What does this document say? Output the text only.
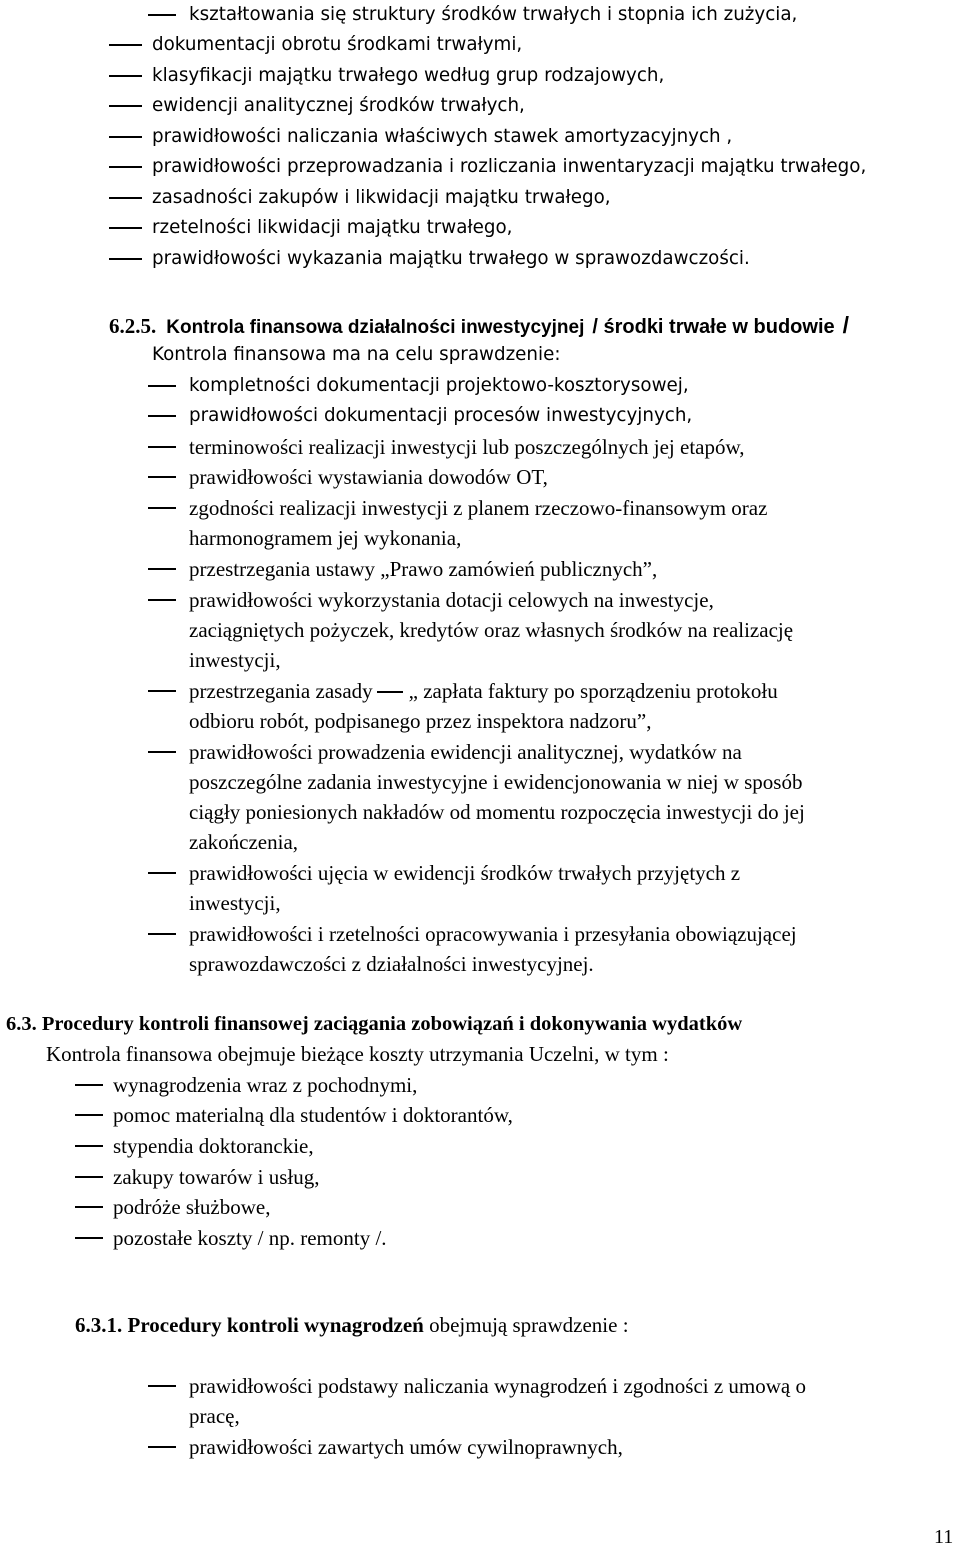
kształtowania się struktury środków trwałych i stopnia ich zużycia,
dokumentacji obrotu środkami trwałymi,
klasyfikacji majątku trwałego według grup rodzajowych,
ewidencji analitycznej środków trwałych,
prawidłowości naliczania właściwych stawek amortyzacyjnych ,
prawidłowości przeprowadzania i rozliczania inwentaryzacji majątku trwałego,
zasadności zakupów i likwidacji majątku trwałego,
rzetelności likwidacji majątku trwałego,
prawidłowości wykazania majątku trwałego w sprawozdawczości.
6.2.5. Kontrola finansowa działalności inwestycyjnej / środki trwałe w budowie /
Kontrola finansowa ma na celu sprawdzenie:
kompletności dokumentacji projektowo-kosztorysowej,
prawidłowości dokumentacji procesów inwestycyjnych,
terminowości realizacji inwestycji lub poszczególnych jej etapów,
prawidłowości wystawiania dowodów OT,
zgodności realizacji inwestycji z planem rzeczowo-finansowym oraz
harmonogramem jej wykonania,
przestrzegania ustawy „Prawo zamówień publicznych”,
prawidłowości wykorzystania dotacji celowych na inwestycje,
zaciągniętych pożyczek, kredytów oraz własnych środków na realizację
inwestycji,
przestrzegania zasady „ zapłata faktury po sporządzeniu protokołu
odbioru robót, podpisanego przez inspektora nadzoru”,
prawidłowości prowadzenia ewidencji analitycznej, wydatków na
poszczególne zadania inwestycyjne i ewidencjonowania w niej w sposób
ciągły poniesionych nakładów od momentu rozpoczęcia inwestycji do jej
zakończenia,
prawidłowości ujęcia w ewidencji środków trwałych przyjętych z
inwestycji,
prawidłowości i rzetelności opracowywania i przesyłania obowiązującej
sprawozdawczości z działalności inwestycyjnej.
6.3. Procedury kontroli finansowej zaciągania zobowiązań i dokonywania wydatków
Kontrola finansowa obejmuje bieżące koszty utrzymania Uczelni, w tym :
wynagrodzenia wraz z pochodnymi,
pomoc materialną dla studentów i doktorantów,
stypendia doktoranckie,
zakupy towarów i usług,
podróże służbowe,
pozostałe koszty / np. remonty /.
6.3.1. Procedury kontroli wynagrodzeń obejmują sprawdzenie :
prawidłowości podstawy naliczania wynagrodzeń i zgodności z umową o
pracę,
prawidłowości zawartych umów cywilnoprawnych,
11
